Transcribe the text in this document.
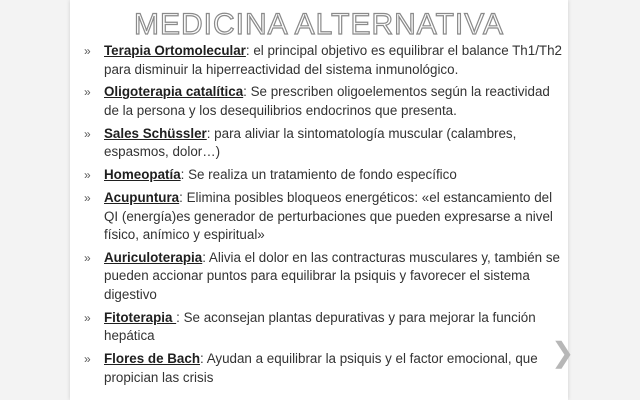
MEDICINA ALTERNATIVA
» Terapia Ortomolecular: el principal objetivo es equilibrar el balance Th1/Th2 para disminuir la hiperreactividad del sistema inmunológico.
» Oligoterapia catalítica: Se prescriben oligoelementos según la reactividad de la persona y los desequilibrios endocrinos que presenta.
» Sales Schüssler: para aliviar la sintomatología muscular (calambres, espasmos, dolor…)
» Homeopatía: Se realiza un tratamiento de fondo específico
» Acupuntura: Elimina posibles bloqueos energéticos: «el estancamiento del QI (energía)es generador de perturbaciones que pueden expresarse a nivel físico, anímico y espiritual»
» Auriculoterapia: Alivia el dolor en las contracturas musculares y, también se pueden accionar puntos para equilibrar la psiquis y favorecer el sistema digestivo
» Fitoterapia : Se aconsejan plantas depurativas y para mejorar la función hepática
» Flores de Bach: Ayudan a equilibrar la psiquis y el factor emocional, que propician las crisis
❯
